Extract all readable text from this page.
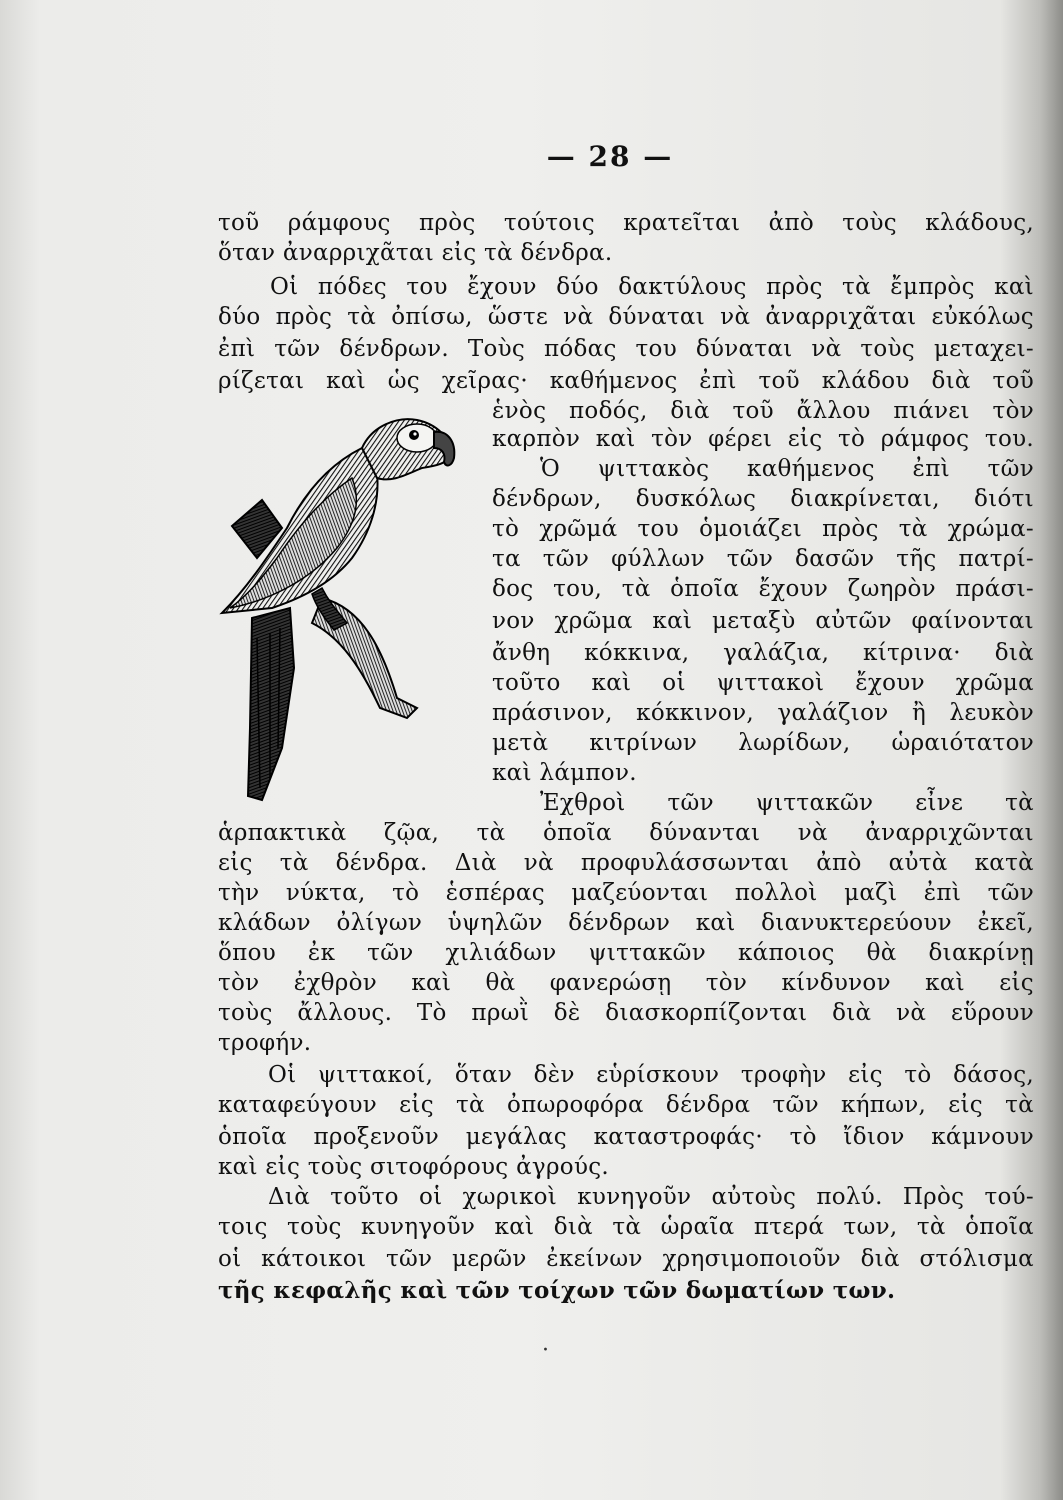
— 28 —
τοῦ ράμφους πρὸς τούτοις κρατεῖται ἀπὸ τοὺς κλάδους,
ὅταν ἀναρριχᾶται εἰς τὰ δένδρα.
Οἱ πόδες του ἔχουν δύο δακτύλους πρὸς τὰ ἔμπρὸς καὶ
δύο πρὸς τὰ ὀπίσω, ὥστε νὰ δύναται νὰ ἀναρριχᾶται εὐκόλως
ἐπὶ τῶν δένδρων. Τοὺς πόδας του δύναται νὰ τοὺς μεταχει-
ρίζεται καὶ ὡς χεῖρας· καθήμενος ἐπὶ τοῦ κλάδου διὰ τοῦ
ἑνὸς ποδός, διὰ τοῦ ἄλλου πιάνει τὸν
καρπὸν καὶ τὸν φέρει εἰς τὸ ράμφος του.
Ὁ ψιττακὸς καθήμενος ἐπὶ τῶν
δένδρων, δυσκόλως διακρίνεται, διότι
τὸ χρῶμά του ὁμοιάζει πρὸς τὰ χρώμα-
τα τῶν φύλλων τῶν δασῶν τῆς πατρί-
δος του, τὰ ὁποῖα ἔχουν ζωηρὸν πράσι-
νον χρῶμα καὶ μεταξὺ αὐτῶν φαίνονται
ἄνθη κόκκινα, γαλάζια, κίτρινα· διὰ
τοῦτο καὶ οἱ ψιττακοὶ ἔχουν χρῶμα
πράσινον, κόκκινον, γαλάζιον ἢ λευκὸν
μετὰ κιτρίνων λωρίδων, ὡραιότατον
καὶ λάμπον.
Ἐχθροὶ τῶν ψιττακῶν εἶνε τὰ
ἁρπακτικὰ ζῷα, τὰ ὁποῖα δύνανται νὰ ἀναρριχῶνται
εἰς τὰ δένδρα. Διὰ νὰ προφυλάσσωνται ἀπὸ αὐτὰ κατὰ
τὴν νύκτα, τὸ ἑσπέρας μαζεύονται πολλοὶ μαζὶ ἐπὶ τῶν
κλάδων ὀλίγων ὑψηλῶν δένδρων καὶ διανυκτερεύουν ἐκεῖ,
ὅπου ἐκ τῶν χιλιάδων ψιττακῶν κάποιος θὰ διακρίνῃ
τὸν ἐχθρὸν καὶ θὰ φανερώσῃ τὸν κίνδυνον καὶ εἰς
τοὺς ἄλλους. Τὸ πρωῒ δὲ διασκορπίζονται διὰ νὰ εὕρουν
τροφήν.
Οἱ ψιττακοί, ὅταν δὲν εὑρίσκουν τροφὴν εἰς τὸ δάσος,
καταφεύγουν εἰς τὰ ὀπωροφόρα δένδρα τῶν κήπων, εἰς τὰ
ὁποῖα προξενοῦν μεγάλας καταστροφάς· τὸ ἴδιον κάμνουν
καὶ εἰς τοὺς σιτοφόρους ἀγρούς.
Διὰ τοῦτο οἱ χωρικοὶ κυνηγοῦν αὐτοὺς πολύ. Πρὸς τού-
τοις τοὺς κυνηγοῦν καὶ διὰ τὰ ὡραῖα πτερά των, τὰ ὁποῖα
οἱ κάτοικοι τῶν μερῶν ἐκείνων χρησιμοποιοῦν διὰ στόλισμα
τῆς κεφαλῆς καὶ τῶν τοίχων τῶν δωματίων των.
·
